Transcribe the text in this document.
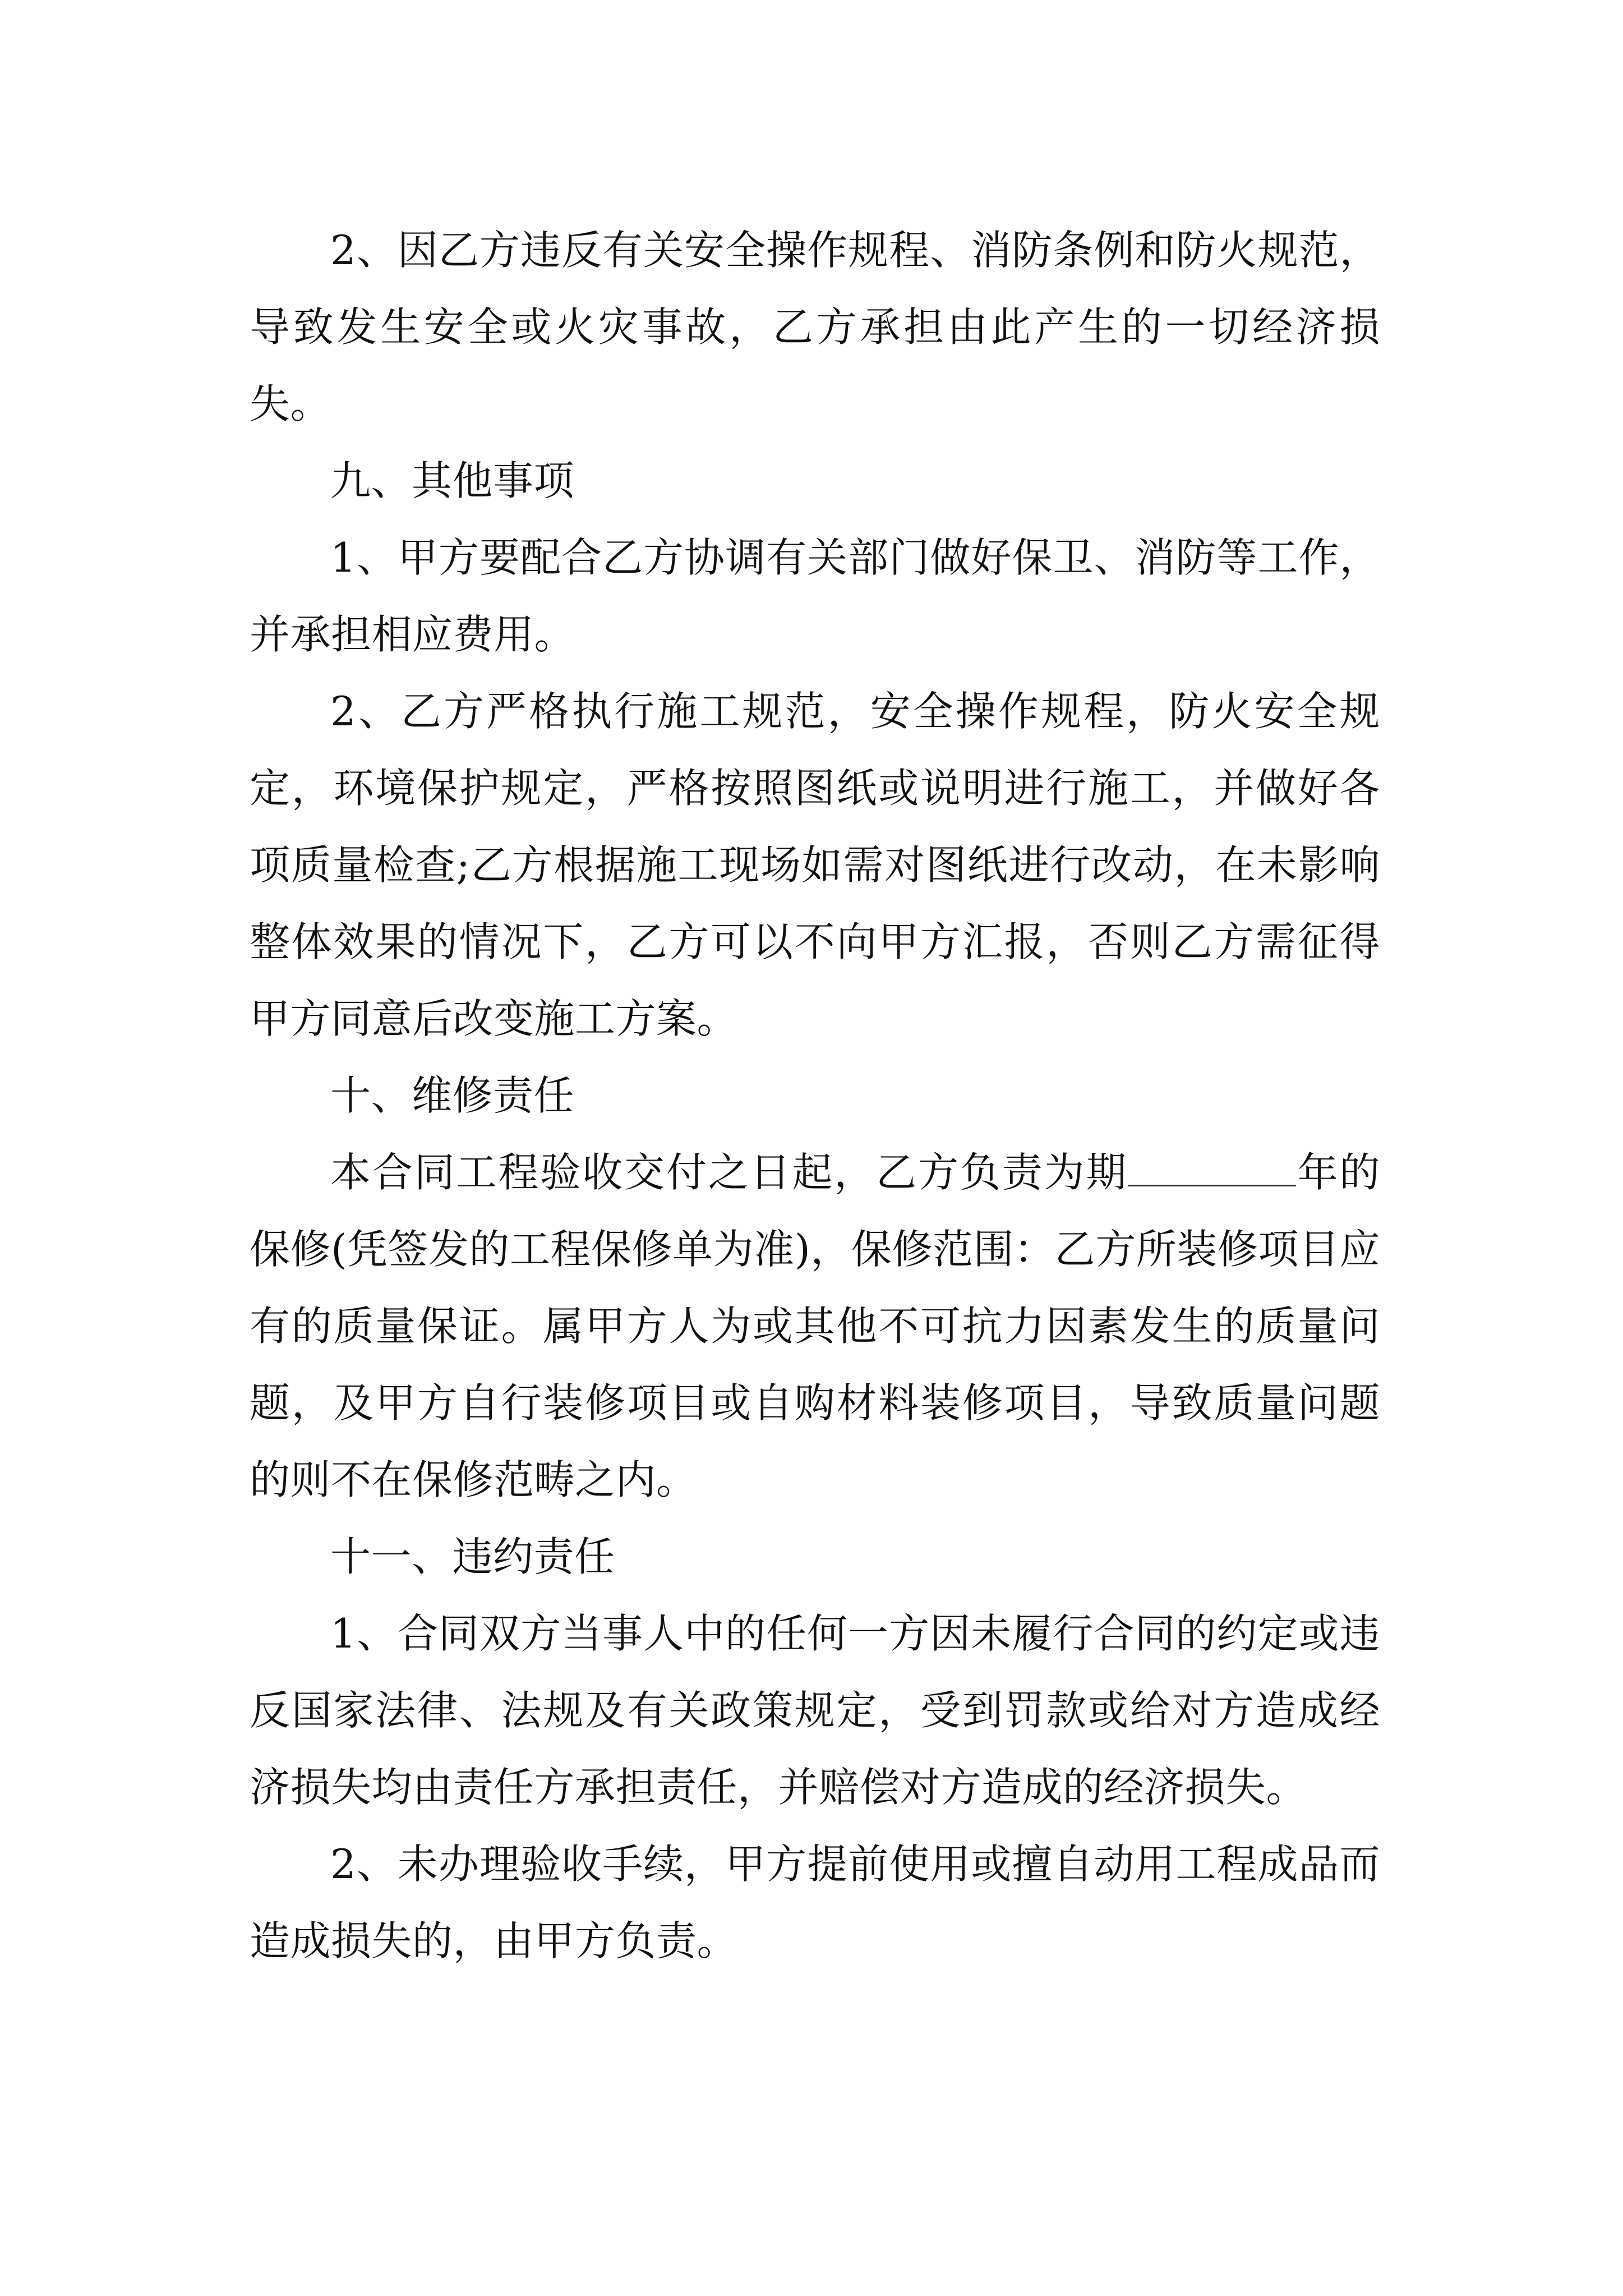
2、因乙方违反有关安全操作规程、消防条例和防火规范，导致发生安全或火灾事故，乙方承担由此产生的一切经济损失。

九、其他事项

1、甲方要配合乙方协调有关部门做好保卫、消防等工作，并承担相应费用。

2、乙方严格执行施工规范，安全操作规程，防火安全规定，环境保护规定，严格按照图纸或说明进行施工，并做好各项质量检查;乙方根据施工现场如需对图纸进行改动，在未影响整体效果的情况下，乙方可以不向甲方汇报，否则乙方需征得甲方同意后改变施工方案。

十、维修责任

本合同工程验收交付之日起，乙方负责为期	年的保修(凭签发的工程保修单为准)，保修范围：乙方所装修项目应有的质量保证。属甲方人为或其他不可抗力因素发生的质量问题，及甲方自行装修项目或自购材料装修项目，导致质量问题的则不在保修范畴之内。

十一、违约责任

1、合同双方当事人中的任何一方因未履行合同的约定或违反国家法律、法规及有关政策规定，受到罚款或给对方造成经济损失均由责任方承担责任，并赔偿对方造成的经济损失。

2、未办理验收手续，甲方提前使用或擅自动用工程成品而造成损失的，由甲方负责。
